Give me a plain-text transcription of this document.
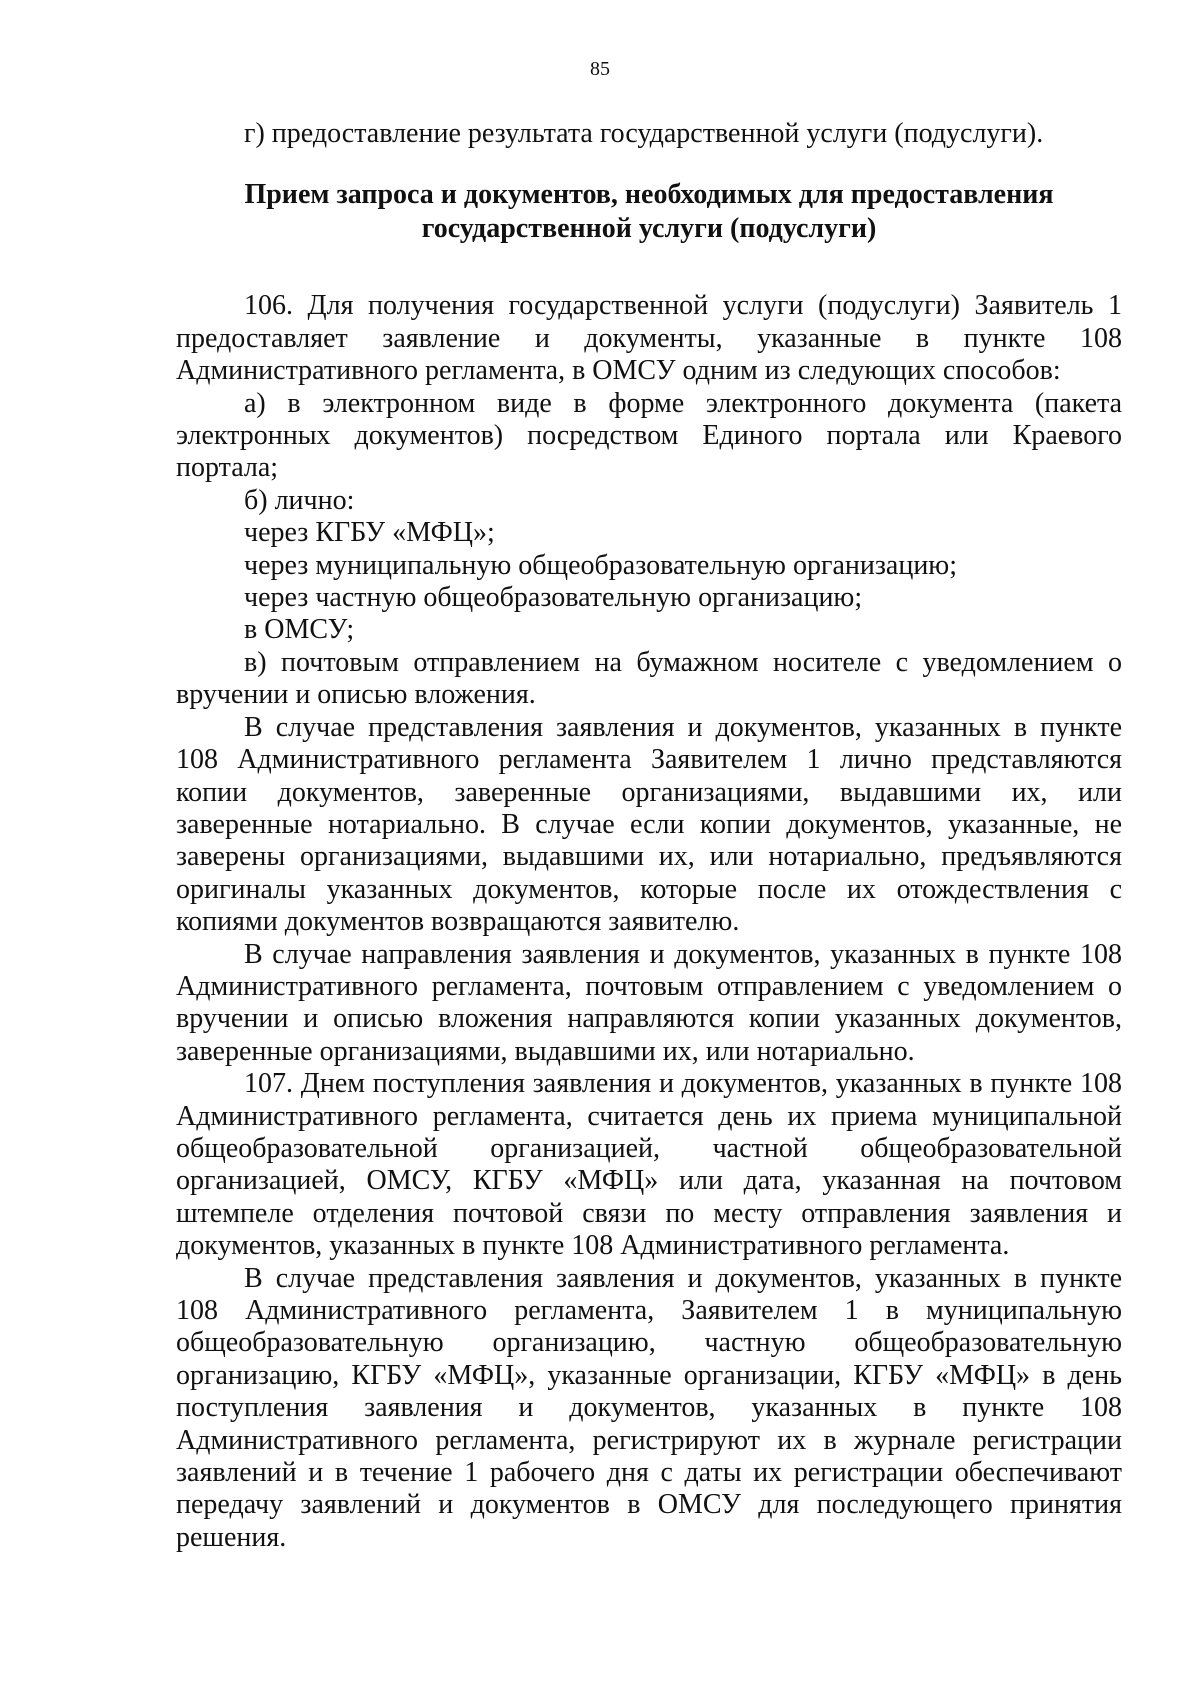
85

г) предоставление результата государственной услуги (подуслуги).

Прием запроса и документов, необходимых для предоставления государственной услуги (подуслуги)

106. Для получения государственной услуги (подуслуги) Заявитель 1 предоставляет заявление и документы, указанные в пункте 108 Административного регламента, в ОМСУ одним из следующих способов:

а) в электронном виде в форме электронного документа (пакета электронных документов) посредством Единого портала или Краевого портала;

б) лично:

через КГБУ «МФЦ»;

через муниципальную общеобразовательную организацию;

через частную общеобразовательную организацию;

в ОМСУ;

в) почтовым отправлением на бумажном носителе с уведомлением о вручении и описью вложения.

В случае представления заявления и документов, указанных в пункте 108 Административного регламента Заявителем 1 лично представляются копии документов, заверенные организациями, выдавшими их, или заверенные нотариально. В случае если копии документов, указанные, не заверены организациями, выдавшими их, или нотариально, предъявляются оригиналы указанных документов, которые после их отождествления с копиями документов возвращаются заявителю.

В случае направления заявления и документов, указанных в пункте 108 Административного регламента, почтовым отправлением с уведомлением о вручении и описью вложения направляются копии указанных документов, заверенные организациями, выдавшими их, или нотариально.

107. Днем поступления заявления и документов, указанных в пункте 108 Административного регламента, считается день их приема муниципальной общеобразовательной организацией, частной общеобразовательной организацией, ОМСУ, КГБУ «МФЦ» или дата, указанная на почтовом штемпеле отделения почтовой связи по месту отправления заявления и документов, указанных в пункте 108 Административного регламента.

В случае представления заявления и документов, указанных в пункте 108 Административного регламента, Заявителем 1 в муниципальную общеобразовательную организацию, частную общеобразовательную организацию, КГБУ «МФЦ», указанные организации, КГБУ «МФЦ» в день поступления заявления и документов, указанных в пункте 108 Административного регламента, регистрируют их в журнале регистрации заявлений и в течение 1 рабочего дня с даты их регистрации обеспечивают передачу заявлений и документов в ОМСУ для последующего принятия решения.
